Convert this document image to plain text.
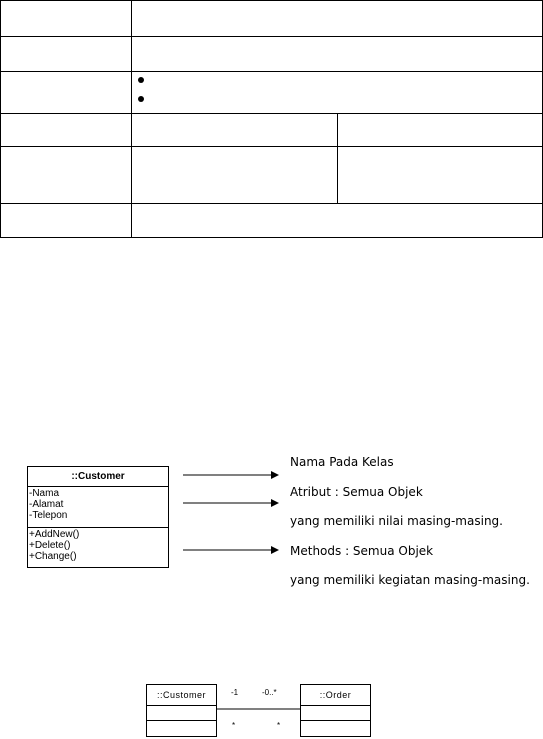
::Customer
-Nama
-Alamat
-Telepon
+AddNew()
+Delete()
+Change()
Nama Pada Kelas
Atribut : Semua Objek
yang memiliki nilai masing-masing.
Methods : Semua Objek
yang memiliki kegiatan masing-masing.
::Customer	::Order
-1	-0..*
*	*
